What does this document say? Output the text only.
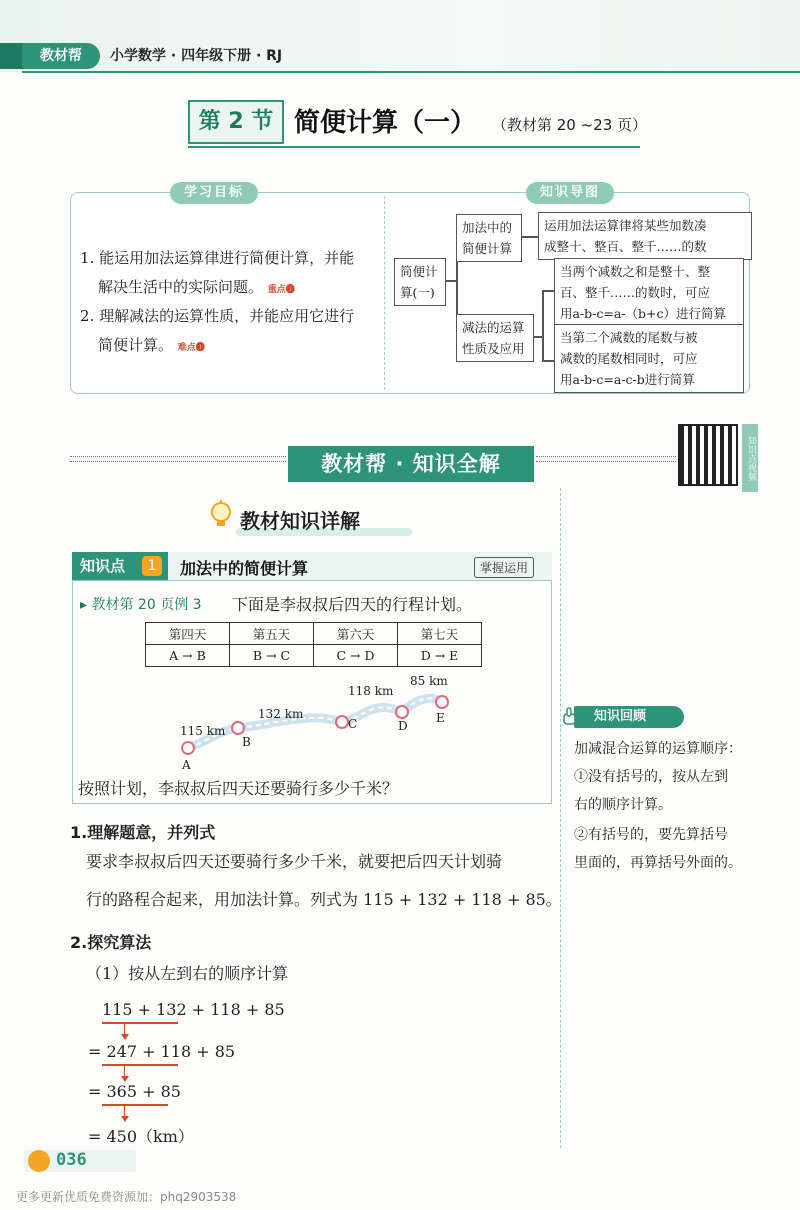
教材帮	小学数学 · 四年级下册 · RJ
第 2 节 简便计算（一） （教材第 20 ~23 页）
学习目标	知识导图
1. 能运用加法运算律进行简便计算，并能
解决生活中的实际问题。 重点❶
2. 理解减法的运算性质，并能应用它进行
简便计算。 难点❶
简便计
算(一)
加法中的
简便计算
运用加法运算律将某些加数凑
成整十、整百、整千……的数
减法的运算
性质及应用
当两个减数之和是整十、整
百、整千……的数时，可应
用a-b-c=a-（b+c）进行简算
当第二个减数的尾数与被
减数的尾数相同时，可应
用a-b-c=a-c-b进行简算
教材帮 · 知识全解	知识点视频
教材知识详解
知识点	1	加法中的简便计算	掌握运用
▸ 教材第 20 页例 3 下面是李叔叔后四天的行程计划。
第四天	第五天	第六天	第七天
A → B	B → C	C → D	D → E
A
B
C	D
E
115 km
132 km
118 km
85 km
按照计划，李叔叔后四天还要骑行多少千米？
1.理解题意，并列式
要求李叔叔后四天还要骑行多少千米，就要把后四天计划骑
行的路程合起来，用加法计算。列式为 115 + 132 + 118 + 85。
2.探究算法
（1）按从左到右的顺序计算
115 + 132 + 118 + 85
= 247 + 118 + 85
= 365 + 85
= 450（km）
知识回顾
加减混合运算的运算顺序：
①没有括号的，按从左到
右的顺序计算。
②有括号的，要先算括号
里面的，再算括号外面的。
036
更多更新优质免费资源加：phq2903538
